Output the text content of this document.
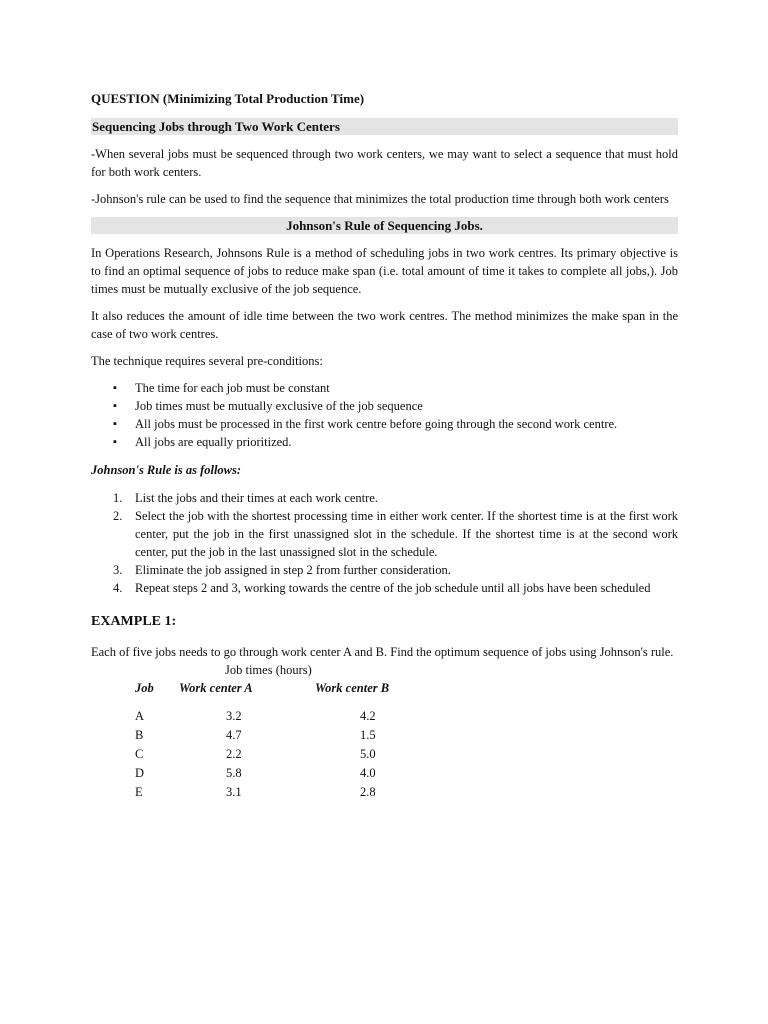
QUESTION (Minimizing Total Production Time)
Sequencing Jobs through Two Work Centers

-When several jobs must be sequenced through two work centers, we may want to select a sequence that must hold for both work centers.

-Johnson's rule can be used to find the sequence that minimizes the total production time through both work centers

Johnson's Rule of Sequencing Jobs.

In Operations Research, Johnsons Rule is a method of scheduling jobs in two work centres. Its primary objective is to find an optimal sequence of jobs to reduce make span (i.e. total amount of time it takes to complete all jobs,). Job times must be mutually exclusive of the job sequence.

It also reduces the amount of idle time between the two work centres. The method minimizes the make span in the case of two work centres.

The technique requires several pre-conditions:

▪ The time for each job must be constant
▪ Job times must be mutually exclusive of the job sequence
▪ All jobs must be processed in the first work centre before going through the second work centre.
▪ All jobs are equally prioritized.
Johnson's Rule is as follows:
1. List the jobs and their times at each work centre.
2. Select the job with the shortest processing time in either work center. If the shortest time is at the first work center, put the job in the first unassigned slot in the schedule. If the shortest time is at the second work center, put the job in the last unassigned slot in the schedule.
3. Eliminate the job assigned in step 2 from further consideration.
4. Repeat steps 2 and 3, working towards the centre of the job schedule until all jobs have been scheduled
EXAMPLE 1:

Each of five jobs needs to go through work center A and B. Find the optimum sequence of jobs using Johnson's rule.

Job times (hours)
Job	Work center A	Work center B

A	3.2	4.2
B	4.7	1.5
C	2.2	5.0
D	5.8	4.0
E	3.1	2.8
